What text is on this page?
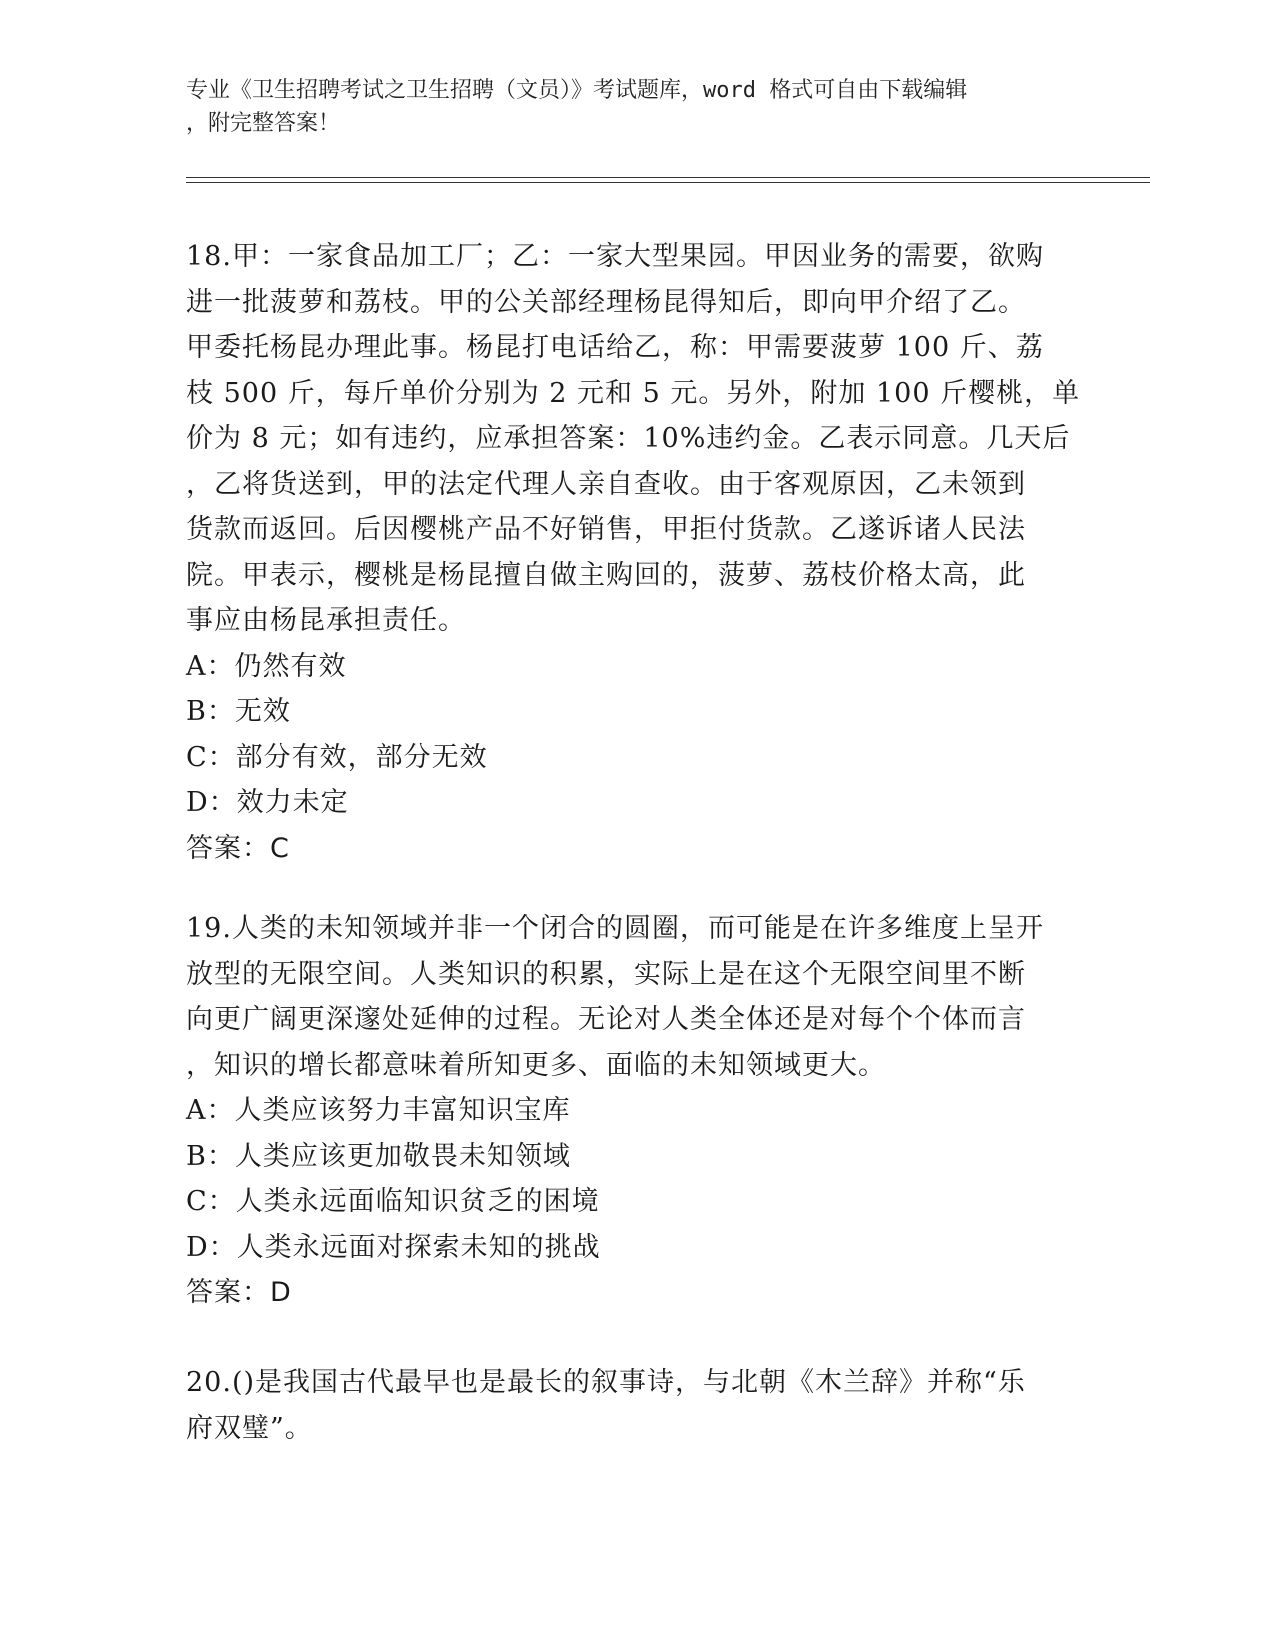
专业《卫生招聘考试之卫生招聘（文员）》考试题库，word 格式可自由下载编辑

，附完整答案！

18.甲：一家食品加工厂；乙：一家大型果园。甲因业务的需要，欲购

进一批菠萝和荔枝。甲的公关部经理杨昆得知后，即向甲介绍了乙。

甲委托杨昆办理此事。杨昆打电话给乙，称：甲需要菠萝 100 斤、荔

枝 500 斤，每斤单价分别为 2 元和 5 元。另外，附加 100 斤樱桃，单

价为 8 元；如有违约，应承担答案：10%违约金。乙表示同意。几天后

，乙将货送到，甲的法定代理人亲自查收。由于客观原因，乙未领到

货款而返回。后因樱桃产品不好销售，甲拒付货款。乙遂诉诸人民法

院。甲表示，樱桃是杨昆擅自做主购回的，菠萝、荔枝价格太高，此

事应由杨昆承担责任。

A：仍然有效

B：无效

C：部分有效，部分无效

D：效力未定

答案：C

19.人类的未知领域并非一个闭合的圆圈，而可能是在许多维度上呈开

放型的无限空间。人类知识的积累，实际上是在这个无限空间里不断

向更广阔更深邃处延伸的过程。无论对人类全体还是对每个个体而言

，知识的增长都意味着所知更多、面临的未知领域更大。

A：人类应该努力丰富知识宝库

B：人类应该更加敬畏未知领域

C：人类永远面临知识贫乏的困境

D：人类永远面对探索未知的挑战

答案：D

20.()是我国古代最早也是最长的叙事诗，与北朝《木兰辞》并称“乐

府双璧”。
